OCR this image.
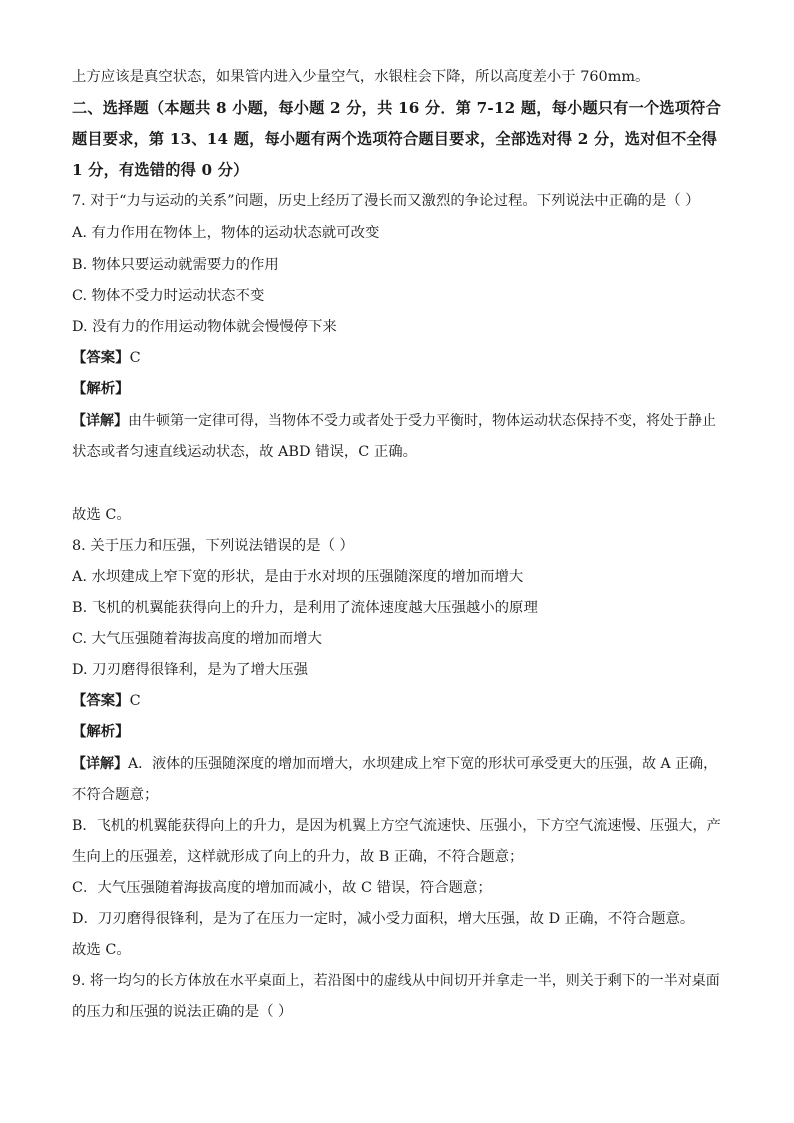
上方应该是真空状态，如果管内进入少量空气，水银柱会下降，所以高度差小于 760mm。
二、选择题（本题共 8 小题，每小题 2 分，共 16 分．第 7-12 题，每小题只有一个选项符合
题目要求，第 13、14 题，每小题有两个选项符合题目要求，全部选对得 2 分，选对但不全得
1 分，有选错的得 0 分）
7. 对于“力与运动的关系”问题，历史上经历了漫长而又激烈的争论过程。下列说法中正确的是（ ）
A. 有力作用在物体上，物体的运动状态就可改变
B. 物体只要运动就需要力的作用
C. 物体不受力时运动状态不变
D. 没有力的作用运动物体就会慢慢停下来
【答案】C
【解析】
【详解】由牛顿第一定律可得，当物体不受力或者处于受力平衡时，物体运动状态保持不变，将处于静止
状态或者匀速直线运动状态，故 ABD 错误，C 正确。
故选 C。
8. 关于压力和压强，下列说法错误的是（ ）
A. 水坝建成上窄下宽的形状，是由于水对坝的压强随深度的增加而增大
B. 飞机的机翼能获得向上的升力，是利用了流体速度越大压强越小的原理
C. 大气压强随着海拔高度的增加而增大
D. 刀刃磨得很锋利，是为了增大压强
【答案】C
【解析】
【详解】A．液体的压强随深度的增加而增大，水坝建成上窄下宽的形状可承受更大的压强，故 A 正确，
不符合题意；
B．飞机的机翼能获得向上的升力，是因为机翼上方空气流速快、压强小，下方空气流速慢、压强大，产
生向上的压强差，这样就形成了向上的升力，故 B 正确，不符合题意；
C．大气压强随着海拔高度的增加而减小，故 C 错误，符合题意；
D．刀刃磨得很锋利，是为了在压力一定时，减小受力面积，增大压强，故 D 正确，不符合题意。
故选 C。
9. 将一均匀的长方体放在水平桌面上，若沿图中的虚线从中间切开并拿走一半，则关于剩下的一半对桌面
的压力和压强的说法正确的是（ ）
